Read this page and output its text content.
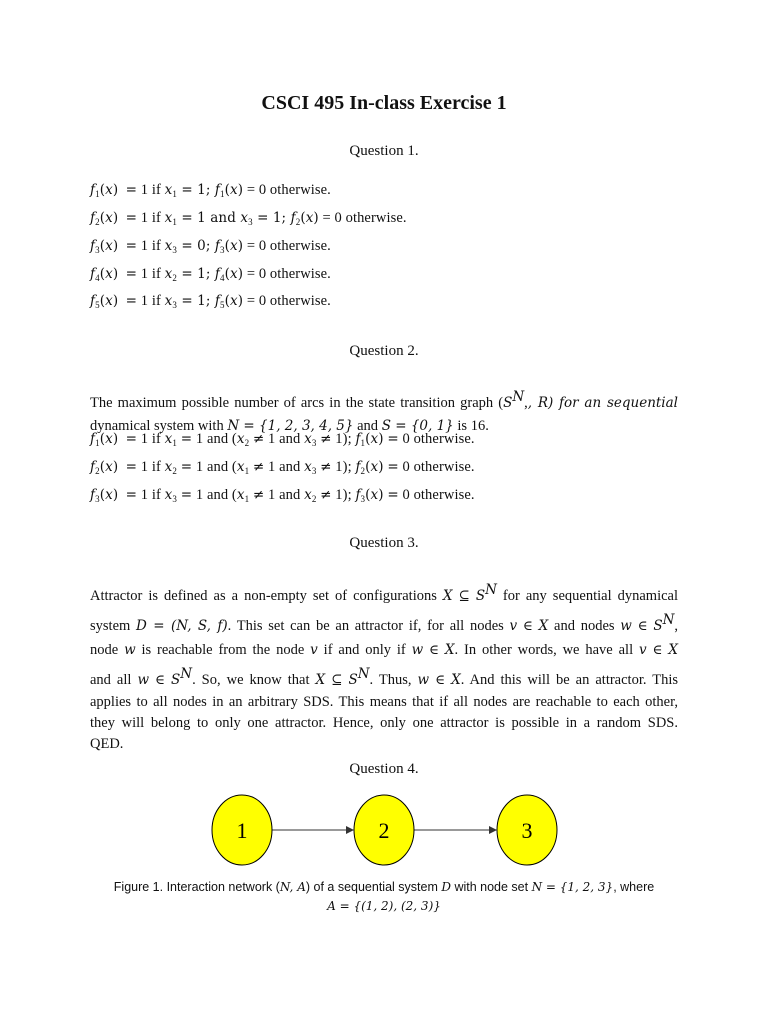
CSCI 495 In-class Exercise 1
Question 1.
$f_1(x) = 1$ if $x_1 = 1$; $f_1(x) = 0$ otherwise.
$f_2(x) = 1$ if $x_1 = 1$ and $x_3 = 1$; $f_2(x) = 0$ otherwise.
$f_3(x) = 1$ if $x_3 = 0$; $f_3(x) = 0$ otherwise.
$f_4(x) = 1$ if $x_2 = 1$; $f_4(x) = 0$ otherwise.
$f_5(x) = 1$ if $x_3 = 1$; $f_5(x) = 0$ otherwise.
Question 2.
The maximum possible number of arcs in the state transition graph ($S^N$,, R) for an sequential
dynamical system with N = {1, 2, 3, 4, 5} and S = {0, 1} is 16.
$f_1(x) = 1$ if $x_1 = 1$ and ($x_2 \ne 1$ and $x_3 \ne 1$); $f_1(x) = 0$ otherwise.
$f_2(x) = 1$ if $x_2 = 1$ and ($x_1 \ne 1$ and $x_3 \ne 1$); $f_2(x) = 0$ otherwise.
$f_3(x) = 1$ if $x_3 = 1$ and ($x_1 \ne 1$ and $x_2 \ne 1$); $f_3(x) = 0$ otherwise.
Question 3.
Attractor is defined as a non-empty set of configurations X ⊆ $S^N$ for any sequential dynamical
system D = (N, S, f). This set can be an attractor if, for all nodes v ∈ X and nodes w ∈ $S^N$,
node w is reachable from the node v if and only if w ∈ X. In other words, we have all v ∈ X
and all w ∈ $S^N$. So, we know that X ⊆ $S^N$. Thus, w ∈ X. And this will be an attractor. This
applies to all nodes in an arbitrary SDS. This means that if all nodes are reachable to each other,
they will belong to only one attractor. Hence, only one attractor is possible in a random SDS.
QED.
Question 4.
1	2	3
Figure 1. Interaction network (N, A) of a sequential system D with node set N = {1, 2, 3}, where
A = {(1, 2), (2, 3)}
